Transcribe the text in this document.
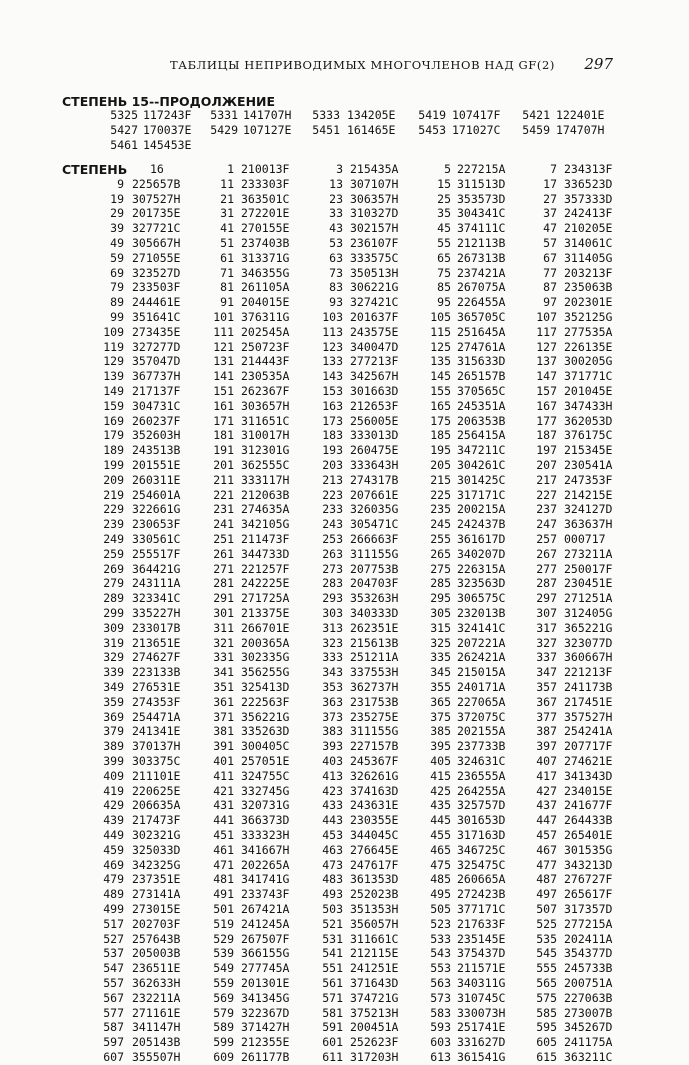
ТАБЛИЦЫ НЕПРИВОДИМЫХ МНОГОЧЛЕНОВ НАД GF(2) 297
СТЕПЕНЬ 15--ПРОДОЛЖЕНИЕ
5325 117243F	5331 141707H	5333 134205E	5419 107417F	5421 122401E
5427 170037E	5429 107127E	5451 161465E	5453 171027C	5459 174707H
5461 145453E
СТЕПЕНЬ 16	1 210013F	3 215435A	5 227215A	7 234313F
9 225657B	11 233303F	13 307107H	15 311513D	17 336523D
19 307527H	21 363501C	23 306357H	25 353573D	27 357333D
29 201735E	31 272201E	33 310327D	35 304341C	37 242413F
39 327721C	41 270155E	43 302157H	45 374111C	47 210205E
49 305667H	51 237403B	53 236107F	55 212113B	57 314061C
59 271055E	61 313371G	63 333575C	65 267313B	67 311405G
69 323527D	71 346355G	73 350513H	75 237421A	77 203213F
79 233503F	81 261105A	83 306221G	85 267075A	87 235063B
89 244461E	91 204015E	93 327421C	95 226455A	97 202301E
99 351641C	101 376311G	103 201637F	105 365705C	107 352125G
109 273435E	111 202545A	113 243575E	115 251645A	117 277535A
119 327277D	121 250723F	123 340047D	125 274761A	127 226135E
129 357047D	131 214443F	133 277213F	135 315633D	137 300205G
139 367737H	141 230535A	143 342567H	145 265157B	147 371771C
149 217137F	151 262367F	153 301663D	155 370565C	157 201045E
159 304731C	161 303657H	163 212653F	165 245351A	167 347433H
169 260237F	171 311651C	173 256005E	175 206353B	177 362053D
179 352603H	181 310017H	183 333013D	185 256415A	187 376175C
189 243513B	191 312301G	193 260475E	195 347211C	197 215345E
199 201551E	201 362555C	203 333643H	205 304261C	207 230541A
209 260311E	211 333117H	213 274317B	215 301425C	217 247353F
219 254601A	221 212063B	223 207661E	225 317171C	227 214215E
229 322661G	231 274635A	233 326035G	235 200215A	237 324127D
239 230653F	241 342105G	243 305471C	245 242437B	247 363637H
249 330561C	251 211473F	253 266663F	255 361617D	257 000717
259 255517F	261 344733D	263 311155G	265 340207D	267 273211A
269 364421G	271 221257F	273 207753B	275 226315A	277 250017F
279 243111A	281 242225E	283 204703F	285 323563D	287 230451E
289 323341C	291 271725A	293 353263H	295 306575C	297 271251A
299 335227H	301 213375E	303 340333D	305 232013B	307 312405G
309 233017B	311 266701E	313 262351E	315 324141C	317 365221G
319 213651E	321 200365A	323 215613B	325 207221A	327 323077D
329 274627F	331 302335G	333 251211A	335 262421A	337 360667H
339 223133B	341 356255G	343 337553H	345 215015A	347 221213F
349 276531E	351 325413D	353 362737H	355 240171A	357 241173B
359 274353F	361 222563F	363 231753B	365 227065A	367 217451E
369 254471A	371 356221G	373 235275E	375 372075C	377 357527H
379 241341E	381 335263D	383 311155G	385 202155A	387 254241A
389 370137H	391 300405C	393 227157B	395 237733B	397 207717F
399 303375C	401 257051E	403 245367F	405 324631C	407 274621E
409 211101E	411 324755C	413 326261G	415 236555A	417 341343D
419 220625E	421 332745G	423 374163D	425 264255A	427 234015E
429 206635A	431 320731G	433 243631E	435 325757D	437 241677F
439 217473F	441 366373D	443 230355E	445 301653D	447 264433B
449 302321G	451 333323H	453 344045C	455 317163D	457 265401E
459 325033D	461 341667H	463 276645E	465 346725C	467 301535G
469 342325G	471 202265A	473 247617F	475 325475C	477 343213D
479 237351E	481 341741G	483 361353D	485 260665A	487 276727F
489 273141A	491 233743F	493 252023B	495 272423B	497 265617F
499 273015E	501 267421A	503 351353H	505 377171C	507 317357D
517 202703F	519 241245A	521 356057H	523 217633F	525 277215A
527 257643B	529 267507F	531 311661C	533 235145E	535 202411A
537 205003B	539 366155G	541 212115E	543 375437D	545 354377D
547 236511E	549 277745A	551 241251E	553 211571E	555 245733B
557 362633H	559 201301E	561 371643D	563 340311G	565 200751A
567 232211A	569 341345G	571 374721G	573 310745C	575 227063B
577 271161E	579 322367D	581 375213H	583 330073H	585 273007B
587 341147H	589 371427H	591 200451A	593 251741E	595 345267D
597 205143B	599 212355E	601 252623F	603 331627D	605 241175A
607 355507H	609 261177B	611 317203H	613 361541G	615 363211C
